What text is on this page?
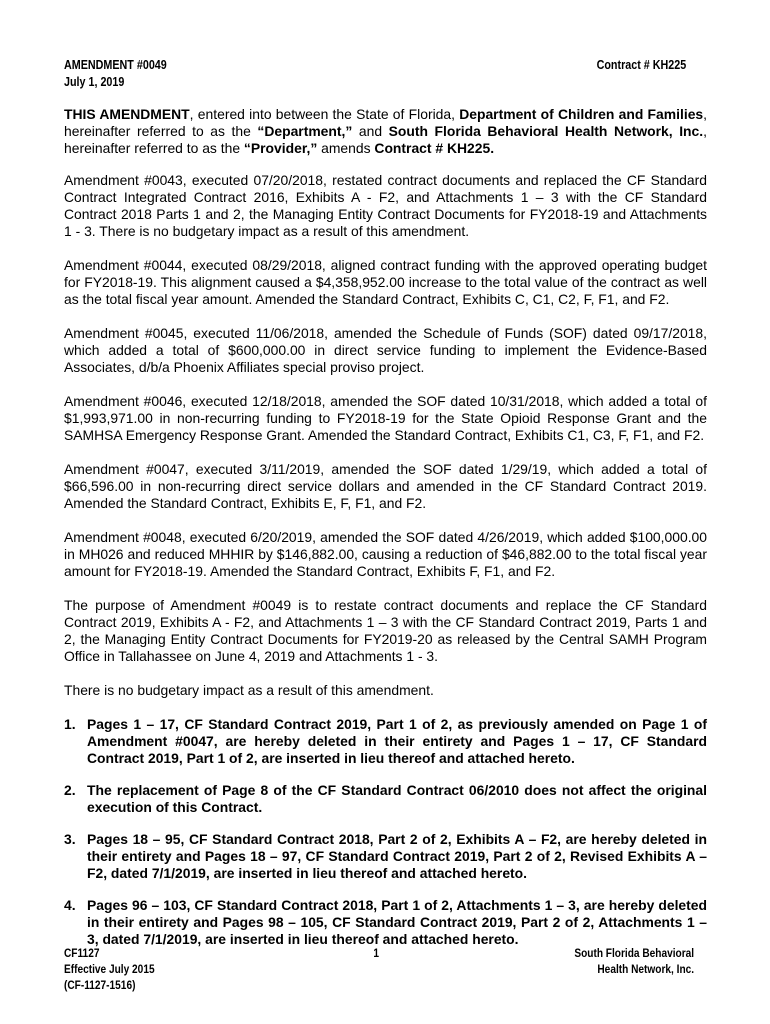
AMENDMENT #0049
July 1, 2019
Contract # KH225

THIS AMENDMENT, entered into between the State of Florida, Department of Children and Families, hereinafter referred to as the “Department,” and South Florida Behavioral Health Network, Inc., hereinafter referred to as the “Provider,” amends Contract # KH225.

Amendment #0043, executed 07/20/2018, restated contract documents and replaced the CF Standard Contract Integrated Contract 2016, Exhibits A - F2, and Attachments 1 – 3 with the CF Standard Contract 2018 Parts 1 and 2, the Managing Entity Contract Documents for FY2018-19 and Attachments 1 - 3. There is no budgetary impact as a result of this amendment.

Amendment #0044, executed 08/29/2018, aligned contract funding with the approved operating budget for FY2018-19. This alignment caused a $4,358,952.00 increase to the total value of the contract as well as the total fiscal year amount. Amended the Standard Contract, Exhibits C, C1, C2, F, F1, and F2.

Amendment #0045, executed 11/06/2018, amended the Schedule of Funds (SOF) dated 09/17/2018, which added a total of $600,000.00 in direct service funding to implement the Evidence-Based Associates, d/b/a Phoenix Affiliates special proviso project.

Amendment #0046, executed 12/18/2018, amended the SOF dated 10/31/2018, which added a total of $1,993,971.00 in non-recurring funding to FY2018-19 for the State Opioid Response Grant and the SAMHSA Emergency Response Grant. Amended the Standard Contract, Exhibits C1, C3, F, F1, and F2.

Amendment #0047, executed 3/11/2019, amended the SOF dated 1/29/19, which added a total of $66,596.00 in non-recurring direct service dollars and amended in the CF Standard Contract 2019. Amended the Standard Contract, Exhibits E, F, F1, and F2.

Amendment #0048, executed 6/20/2019, amended the SOF dated 4/26/2019, which added $100,000.00 in MH026 and reduced MHHIR by $146,882.00, causing a reduction of $46,882.00 to the total fiscal year amount for FY2018-19. Amended the Standard Contract, Exhibits F, F1, and F2.

The purpose of Amendment #0049 is to restate contract documents and replace the CF Standard Contract 2019, Exhibits A - F2, and Attachments 1 – 3 with the CF Standard Contract 2019, Parts 1 and 2, the Managing Entity Contract Documents for FY2019-20 as released by the Central SAMH Program Office in Tallahassee on June 4, 2019 and Attachments 1 - 3.

There is no budgetary impact as a result of this amendment.

1. Pages 1 – 17, CF Standard Contract 2019, Part 1 of 2, as previously amended on Page 1 of Amendment #0047, are hereby deleted in their entirety and Pages 1 – 17, CF Standard Contract 2019, Part 1 of 2, are inserted in lieu thereof and attached hereto.
2. The replacement of Page 8 of the CF Standard Contract 06/2010 does not affect the original execution of this Contract.
3. Pages 18 – 95, CF Standard Contract 2018, Part 2 of 2, Exhibits A – F2, are hereby deleted in their entirety and Pages 18 – 97, CF Standard Contract 2019, Part 2 of 2, Revised Exhibits A – F2, dated 7/1/2019, are inserted in lieu thereof and attached hereto.
4. Pages 96 – 103, CF Standard Contract 2018, Part 1 of 2, Attachments 1 – 3, are hereby deleted in their entirety and Pages 98 – 105, CF Standard Contract 2019, Part 2 of 2, Attachments 1 – 3, dated 7/1/2019, are inserted in lieu thereof and attached hereto.
CF1127
Effective July 2015
(CF-1127-1516)
1	South Florida Behavioral
Health Network, Inc.
